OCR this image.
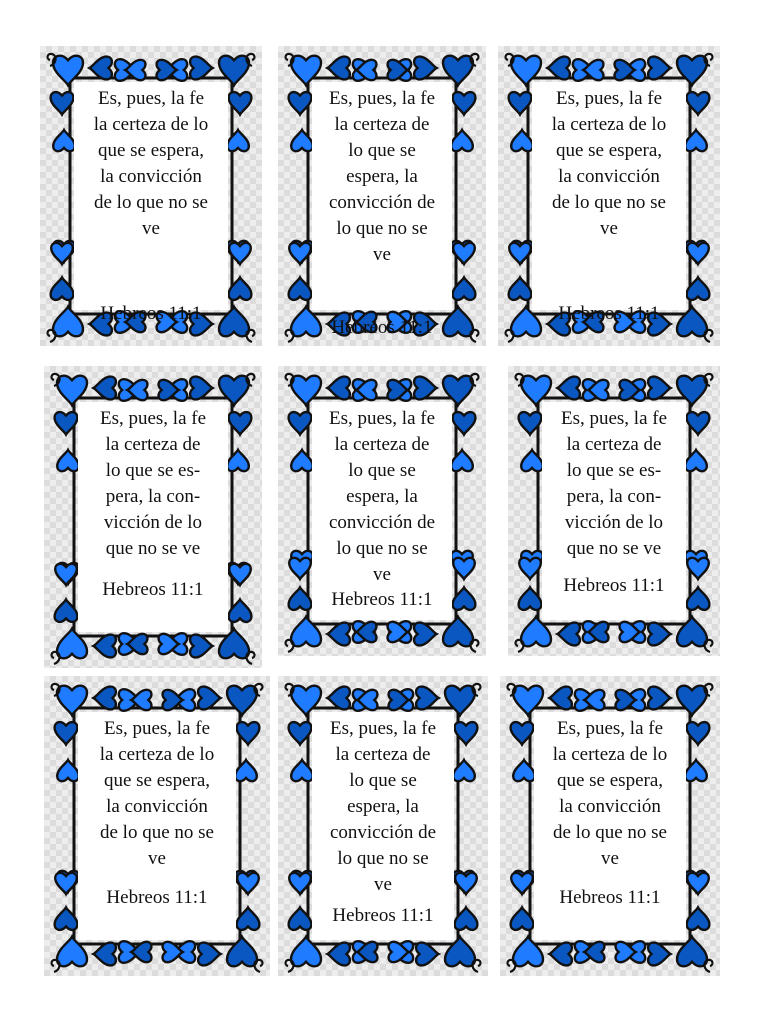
Es, pues, la fe
la certeza de lo
que se espera,
la convicción
de lo que no se
ve
Hebreos 11:1
Es, pues, la fe
la certeza de
lo que se
espera, la
convicción de
lo que no se
ve
Hebreos 11:1
Es, pues, la fe
la certeza de lo
que se espera,
la convicción
de lo que no se
ve
Hebreos 11:1
Es, pues, la fe
la certeza de
lo que se es-
pera, la con-
vicción de lo
que no se ve
Hebreos 11:1
Es, pues, la fe
la certeza de
lo que se
espera, la
convicción de
lo que no se
ve
Hebreos 11:1
Es, pues, la fe
la certeza de
lo que se es-
pera, la con-
vicción de lo
que no se ve
Hebreos 11:1
Es, pues, la fe
la certeza de lo
que se espera,
la convicción
de lo que no se
ve
Hebreos 11:1
Es, pues, la fe
la certeza de
lo que se
espera, la
convicción de
lo que no se
ve
Hebreos 11:1
Es, pues, la fe
la certeza de lo
que se espera,
la convicción
de lo que no se
ve
Hebreos 11:1
